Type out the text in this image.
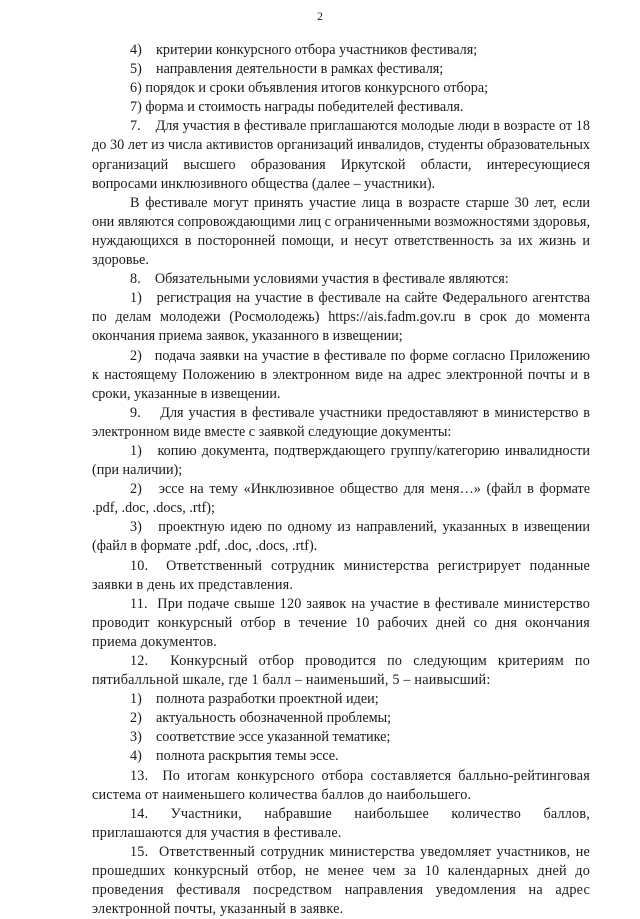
2

4)    критерии конкурсного отбора участников фестиваля;

5)    направления деятельности в рамках фестиваля;

6) порядок и сроки объявления итогов конкурсного отбора;

7) форма и стоимость награды победителей фестиваля.

7.    Для участия в фестивале приглашаются молодые люди в возрасте от 18 до 30 лет из числа активистов организаций инвалидов, студенты образовательных организаций высшего образования Иркутской области, интересующиеся вопросами инклюзивного общества (далее – участники).

В фестивале могут принять участие лица в возрасте старше 30 лет, если они являются сопровождающими лиц с ограниченными возможностями здоровья, нуждающихся в посторонней помощи, и несут ответственность за их жизнь и здоровье.

8.    Обязательными условиями участия в фестивале являются:

1)   регистрация на участие в фестивале на сайте Федерального агентства по делам молодежи (Росмолодежь) https://ais.fadm.gov.ru в срок до момента окончания приема заявок, указанного в извещении;

2)   подача заявки на участие в фестивале по форме согласно Приложению к настоящему Положению в электронном виде на адрес электронной почты и в сроки, указанные в извещении.

9.    Для участия в фестивале участники предоставляют в министерство в электронном виде вместе с заявкой следующие документы:

1)   копию документа, подтверждающего группу/категорию инвалидности (при наличии);

2)   эссе на тему «Инклюзивное общество для меня…» (файл в формате .pdf, .doc, .docs, .rtf);

3)   проектную идею по одному из направлений, указанных в извещении (файл в формате .pdf, .doc, .docs, .rtf).

10.  Ответственный сотрудник министерства регистрирует поданные заявки в день их представления.

11.  При подаче свыше 120 заявок на участие в фестивале министерство проводит конкурсный отбор в течение 10 рабочих дней со дня окончания приема документов.

12.  Конкурсный отбор проводится по следующим критериям по пятибалльной шкале, где 1 балл – наименьший, 5 – наивысший:

1)    полнота разработки проектной идеи;

2)    актуальность обозначенной проблемы;

3)    соответствие эссе указанной тематике;

4)    полнота раскрытия темы эссе.

13.  По итогам конкурсного отбора составляется балльно-рейтинговая система от наименьшего количества баллов до наибольшего.

14. Участники, набравшие наибольшее количество баллов, приглашаются для участия в фестивале.

15.  Ответственный сотрудник министерства уведомляет участников, не прошедших конкурсный отбор, не менее чем за 10 календарных дней до проведения фестиваля посредством направления уведомления на адрес электронной почты, указанный в заявке.
